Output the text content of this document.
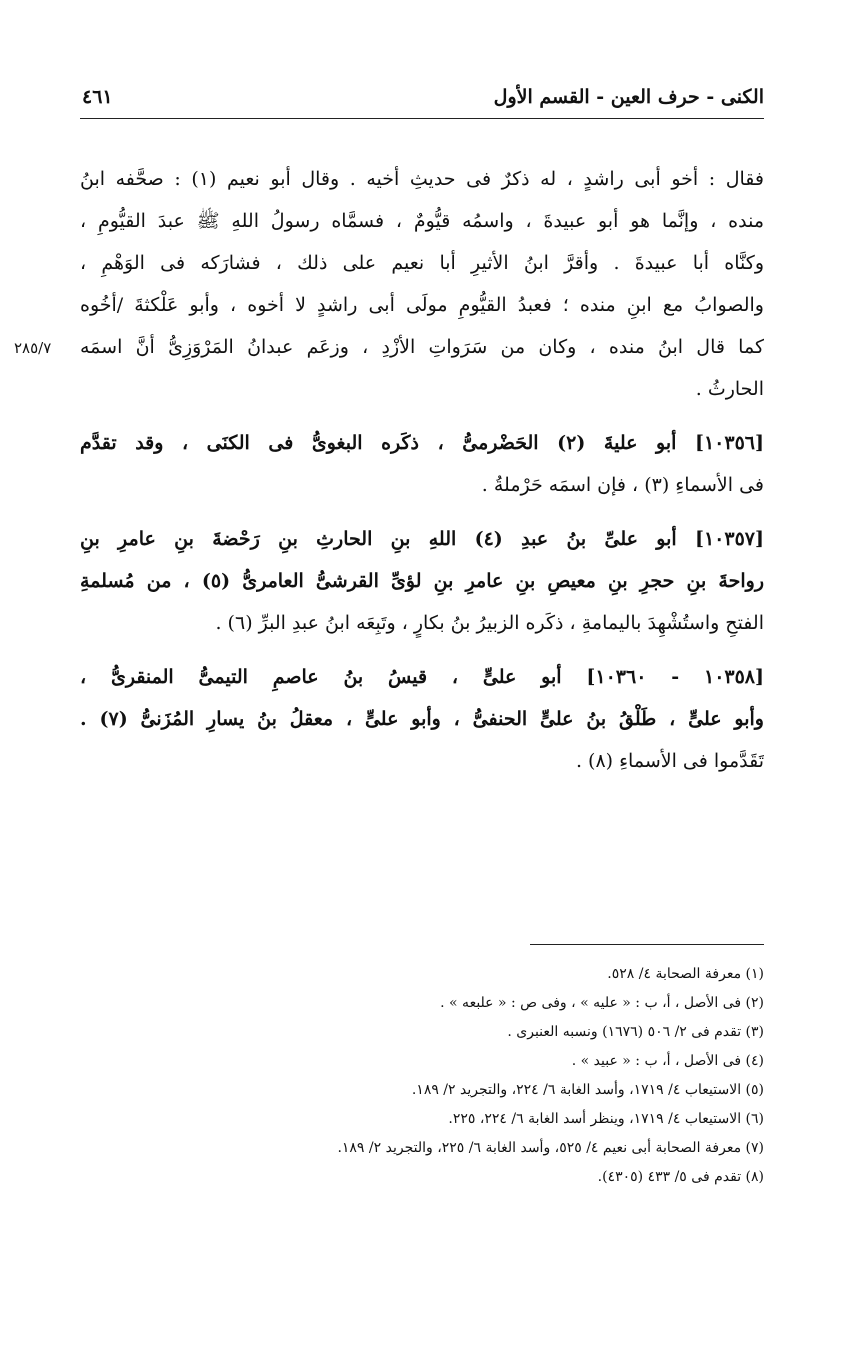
الكنى - حرف العين - القسم الأول
٤٦١
٢٨٥/٧
فقال : أخو أبى راشدٍ ، له ذكرٌ فى حديثِ أخيه . وقال أبو نعيم (١) : صحَّفه ابنُ
منده ، وإنَّما هو أبو عبيدةَ ، واسمُه قيُّومٌ ، فسمَّاه رسولُ اللهِ ﷺ عبدَ القيُّومِ ،
وكنَّاه أبا عبيدةَ . وأقرَّ ابنُ الأثيرِ أبا نعيم على ذلك ، فشارَكه فى الوَهْمِ ،
والصوابُ مع ابنِ منده ؛ فعبدُ القيُّومِ مولَى أبى راشدٍ لا أخوه ، وأبو عَلْكثةَ /أخُوه
كما قال ابنُ منده ، وكان من سَرَواتِ الأزْدِ ، وزعَم عبدانُ المَرْوَزِىُّ أنَّ اسمَه
الحارثُ .
[١٠٣٥٦] أبو عليةَ (٢) الحَضْرمىُّ ، ذكَره البغوىُّ فى الكنَى ، وقد تقدَّم
فى الأسماءِ (٣) ، فإن اسمَه حَرْملةُ .
[١٠٣٥٧] أبو علىِّ بنُ عبدِ (٤) اللهِ بنِ الحارثِ بنِ رَحْضةَ بنِ عامرِ بنِ
رواحةَ بنِ حجرِ بنِ معيصِ بنِ عامرِ بنِ لؤىِّ القرشىُّ العامرىُّ (٥) ، من مُسلمةِ
الفتحِ واستُشْهِدَ باليمامةِ ، ذكَره الزبيرُ بنُ بكارٍ ، وتَبِعَه ابنُ عبدِ البرِّ (٦) .
[١٠٣٥٨ - ١٠٣٦٠] أبو علىٍّ ، قيسُ بنُ عاصمِ التيمىُّ المنقرىُّ ،
وأبو علىٍّ ، طَلْقُ بنُ علىٍّ الحنفىُّ ، وأبو علىٍّ ، معقلُ بنُ يسارِ المُزَنىُّ (٧) .
تَقَدَّموا فى الأسماءِ (٨) .
(١) معرفة الصحابة ٤/ ٥٢٨.
(٢) فى الأصل ، أ، ب : « عليه » ، وفى ص : « علبعه » .
(٣) تقدم فى ٢/ ٥٠٦ (١٦٧٦) ونسبه العنبرى .
(٤) فى الأصل ، أ، ب : « عبيد » .
(٥) الاستيعاب ٤/ ١٧١٩، وأسد الغابة ٦/ ٢٢٤، والتجريد ٢/ ١٨٩.
(٦) الاستيعاب ٤/ ١٧١٩، وينظر أسد الغابة ٦/ ٢٢٤، ٢٢٥.
(٧) معرفة الصحابة أبى نعيم ٤/ ٥٢٥، وأسد الغابة ٦/ ٢٢٥، والتجريد ٢/ ١٨٩.
(٨) تقدم فى ٥/ ٤٣٣ (٤٣٠٥).
